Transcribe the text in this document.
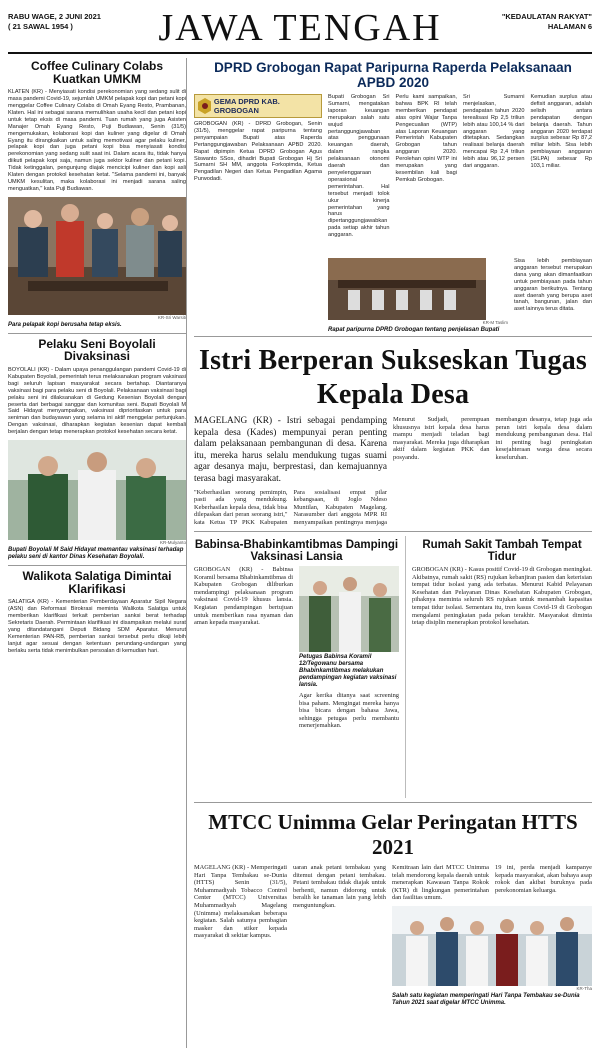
RABU WAGE, 2 JUNI 2021
( 21 SAWAL 1954 )	JAWA TENGAH	"KEDAULATAN RAKYAT"
HALAMAN 6
Coffee Culinary Colabs Kuatkan UMKM
KLATEN (KR) - Menyiasati kondisi perekonomian yang sedang sulit di masa pandemi Covid-19, sejumlah UMKM pelapak kopi dan petani kopi menggelar Coffee Culinary Colabs di Omah Eyang Resto, Prambanan, Klaten. Hal ini sebagai sarana memulihkan usaha kecil dan petani kopi untuk tetap eksis di masa pandemi. Tuan rumah yang juga Asisten Manajer Omah Eyang Resto, Puji Budiawan, Senin (31/5) mengemukakan, kolaborasi kopi dan kuliner yang digelar di Omah Eyang itu dirangkaikan untuk saling memotivasi agar pelaku kuliner, pelapak kopi dan juga petani kopi bisa menyiasati kondisi perekonomian yang sedang sulit saat ini. Dalam acara itu, tidak hanya diikuti pelapak kopi saja, namun juga sektor kuliner dan petani kopi. Tidak ketinggalan, pengunjung diajak mencicipi kuliner dan kopi asli Klaten dengan protokol kesehatan ketat. "Selama pandemi ini, banyak UMKM kesulitan, maka kolaborasi ini menjadi sarana saling menguatkan," kata Puji Budiawan.
KR-Sri Warsiti
Para pelapak kopi berusaha tetap eksis.
Pelaku Seni Boyolali Divaksinasi
BOYOLALI (KR) - Dalam upaya penanggulangan pandemi Covid-19 di Kabupaten Boyolali, pemerintah terus melaksanakan program vaksinasi bagi seluruh lapisan masyarakat secara bertahap. Diantaranya vaksinasi bagi para pelaku seni di Boyolali. Pelaksanaan vaksinasi bagi pelaku seni ini dilaksanakan di Gedung Kesenian Boyolali dengan peserta dari berbagai sanggar dan komunitas seni. Bupati Boyolali M Said Hidayat menyampaikan, vaksinasi diprioritaskan untuk para seniman dan budayawan yang selama ini aktif menggelar pertunjukan. Dengan vaksinasi, diharapkan kegiatan kesenian dapat kembali berjalan dengan tetap menerapkan protokol kesehatan secara ketat.
KR-Mulyanto
Bupati Boyolali M Said Hidayat memantau vaksinasi terhadap pelaku seni di kantor Dinas Kesehatan Boyolali.
Walikota Salatiga Dimintai Klarifikasi
SALATIGA (KR) - Kementerian Pemberdayaan Aparatur Sipil Negara (ASN) dan Reformasi Birokrasi meminta Walikota Salatiga untuk memberikan klarifikasi terkait pemberian sanksi berat terhadap Sekretaris Daerah. Permintaan klarifikasi ini disampaikan melalui surat yang ditandatangani Deputi Bidang SDM Aparatur. Menurut Kementerian PAN-RB, pemberian sanksi tersebut perlu dikaji lebih lanjut agar sesuai dengan ketentuan perundang-undangan yang berlaku serta tidak menimbulkan persoalan di kemudian hari.
DPRD Grobogan Rapat Paripurna Raperda Pelaksanaan APBD 2020
GEMA DPRD KAB. GROBOGAN
GROBOGAN (KR) - DPRD Grobogan, Senin (31/5), menggelar rapat paripurna tentang penyampaian Bupati atas Raperda Pertanggungjawaban Pelaksanaan APBD 2020. Rapat dipimpin Ketua DPRD Grobogan Agus Siswanto SSos, dihadiri Bupati Grobogan Hj Sri Sumarni SH MM, anggota Forkopimda, Ketua Pengadilan Negeri dan Ketua Pengadilan Agama Purwodadi.
Bupati Grobogan Sri Sumarni, mengatakan laporan keuangan merupakan salah satu wujud pertanggungjawaban atas penggunaan keuangan daerah, dalam rangka pelaksanaan otonomi daerah dan penyelenggaraan operasional pemerintahan. Hal tersebut menjadi tolok ukur kinerja pemerintahan yang harus dipertanggungjawabkan pada setiap akhir tahun anggaran.
Perlu kami sampaikan, bahwa BPK RI telah memberikan pendapat atas opini Wajar Tanpa Pengecualian (WTP) atas Laporan Keuangan Pemerintah Kabupaten Grobogan tahun anggaran 2020. Perolehan opini WTP ini merupakan yang kesembilan kali bagi Pemkab Grobogan.
Sri Sumarni menjelaskan, pendapatan tahun 2020 terealisasi Rp 2,5 triliun lebih atau 100,14 % dari anggaran yang ditetapkan. Sedangkan realisasi belanja daerah mencapai Rp 2,4 triliun lebih atau 96,12 persen dari anggaran.
Kemudian surplus atau defisit anggaran, adalah selisih antara pendapatan dengan belanja daerah. Tahun anggaran 2020 terdapat surplus sebesar Rp 87,2 miliar lebih. Sisa lebih pembiayaan anggaran (SiLPA) sebesar Rp 103,1 miliar.
KR-M Taslim
Rapat paripurna DPRD Grobogan tentang penjelasan Bupati
Sisa lebih pembiayaan anggaran tersebut merupakan dana yang akan dimanfaatkan untuk pembiayaan pada tahun anggaran berikutnya. Tentang aset daerah yang berupa aset tanah, bangunan, jalan dan aset lainnya terus ditata.
Istri Berperan Sukseskan Tugas Kepala Desa
MAGELANG (KR) - Istri sebagai pendamping kepala desa (Kades) mempunyai peran penting dalam pelaksanaan pembangunan di desa. Karena itu, mereka harus selalu mendukung tugas suami agar desanya maju, berprestasi, dan kemajuannya terasa bagi masyarakat.
"Keberhasilan seorang pemimpin, pasti ada yang mendukung. Keberhasilan kepala desa, tidak bisa dilepaskan dari peran seorang istri," kata Ketua TP PKK Kabupaten
Para sosialisasi empat pilar kebangsaan, di Joglo Ndeso Muntilan, Kabupaten Magelang. Narasumber dari anggota MPR RI menyampaikan pentingnya menjaga
Menurut Sudjadi, perempuan khususnya istri kepala desa harus mampu menjadi teladan bagi masyarakat. Mereka juga diharapkan aktif dalam kegiatan PKK dan posyandu.
membangun desanya, tetap juga ada peran istri kepala desa dalam mendukung pembangunan desa. Hal ini penting bagi peningkatan kesejahteraan warga desa secara keseluruhan.
Babinsa-Bhabinkamtibmas Dampingi Vaksinasi Lansia
GROBOGAN (KR) - Babinsa Koramil bersama Bhabinkamtibmas di Kabupaten Grobogan diliburkan mendampingi pelaksanaan program vaksinasi Covid-19 khusus lansia. Kegiatan pendampingan bertujuan untuk memberikan rasa nyaman dan aman kepada masyarakat.
Petugas Babinsa Koramil 12/Tegowanu bersama Bhabinkamtibmas melakukan pendampingan kegiatan vaksinasi lansia.
Agar kerika ditanya saat screening bisa paham. Mengingat mereka hanya bisa bicara dengan bahasa Jawa, sehingga petugas perlu membantu menerjemahkan.
Rumah Sakit Tambah Tempat Tidur
GROBOGAN (KR) - Kasus positif Covid-19 di Grobogan meningkat. Akibatnya, rumah sakit (RS) rujukan kebanjiran pasien dan keterisian tempat tidur isolasi yang ada terbatas. Menurut Kabid Pelayanan Kesehatan dan Pelayanan Dinas Kesehatan Kabupaten Grobogan, pihaknya meminta seluruh RS rujukan untuk menambah kapasitas tempat tidur isolasi. Sementara itu, tren kasus Covid-19 di Grobogan mengalami peningkatan pada pekan terakhir. Masyarakat diminta tetap disiplin menerapkan protokol kesehatan.
MTCC Unimma Gelar Peringatan HTTS 2021
MAGELANG (KR) - Memperingati Hari Tanpa Tembakau se-Dunia (HTTS) Senin (31/5), Muhammadiyah Tobacco Control Center (MTCC) Universitas Muhammadiyah Magelang (Unimma) melaksanakan beberapa kegiatan. Salah satunya pembagian masker dan stiker kepada masyarakat di sekitar kampus.
uaran anak petani tembakau yang ditemui dengan petani tembakau. Petani tembakau tidak diajak untuk berhenti, namun didorong untuk beralih ke tanaman lain yang lebih menguntungkan.
Kemitraan lain dari MTCC Unimma telah mendorong kepala daerah untuk menerapkan Kawasan Tanpa Rokok (KTR) di lingkungan pemerintahan dan fasilitas umum.
19 ini, perda menjadi kampanye kepada masyarakat, akan bahaya asap rokok dan akibat buruknya pada perekonomian keluarga.
KR-Tha
Salah satu kegiatan memperingati Hari Tanpa Tembakau se-Dunia Tahun 2021 saat digelar MTCC Unimma.
